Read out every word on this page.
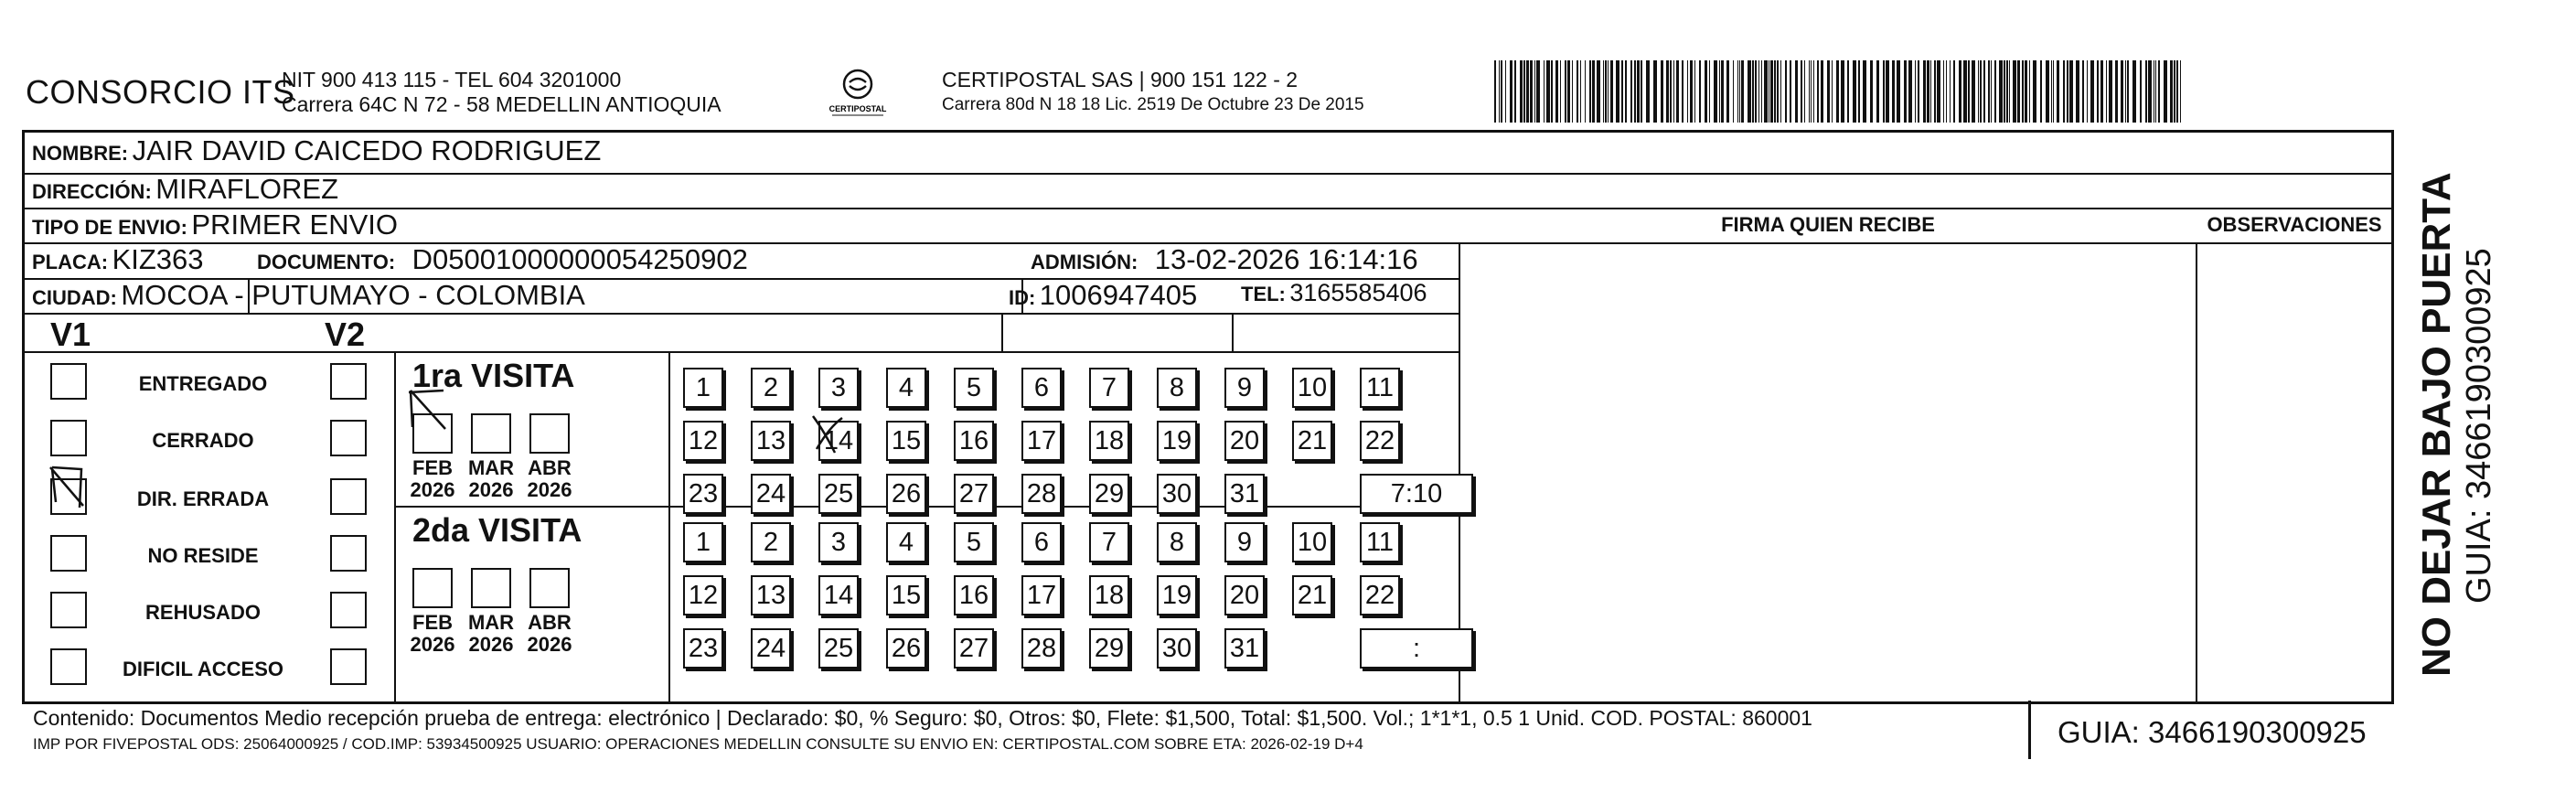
CONSORCIO ITS
NIT 900 413 115 - TEL 604 3201000
Carrera 64C N 72 - 58 MEDELLIN ANTIOQUIA	CERTIPOSTAL
CERTIPOSTAL SAS | 900 151 122 - 2
Carrera 80d N 18 18 Lic. 2519 De Octubre 23 De 2015
NOMBRE: JAIR DAVID CAICEDO RODRIGUEZ
DIRECCIÓN: MIRAFLOREZ
TIPO DE ENVIO: PRIMER ENVIO	FIRMA QUIEN RECIBE	OBSERVACIONES
PLACA: KIZ363	DOCUMENTO: D05001000000054250902	ADMISIÓN: 13-02-2026 16:14:16
CIUDAD: MOCOA - PUTUMAYO - COLOMBIA	ID: 1006947405 TEL: 3165585406
V1	V2
ENTREGADO
CERRADO
DIR. ERRADA
NO RESIDE
REHUSADO
DIFICIL ACCESO
1ra VISITA
FEB
2026
MAR
2026
ABR
2026
1	2	3	4	5	6	7	8	9	10 11
12 13 14 15 16 17 18 19 20 21 22
23 24 25 26 27 28 29 30 31	7:10
2da VISITA
FEB
2026
MAR
2026
ABR
2026
1	2	3	4	5	6	7	8	9	10 11
12 13 14 15 16 17 18 19 20 21 22
23 24 25 26 27 28 29 30 31	:
Contenido: Documentos Medio recepción prueba de entrega: electrónico | Declarado: $0, % Seguro: $0, Otros: $0, Flete: $1,500, Total: $1,500. Vol.; 1*1*1, 0.5 1 Unid. COD. POSTAL: 860001
IMP POR FIVEPOSTAL ODS: 25064000925 / COD.IMP: 53934500925 USUARIO: OPERACIONES MEDELLIN CONSULTE SU ENVIO EN: CERTIPOSTAL.COM SOBRE ETA: 2026-02-19 D+4	GUIA: 3466190300925
NO DEJAR BAJO PUERTA GUIA: 3466190300925
